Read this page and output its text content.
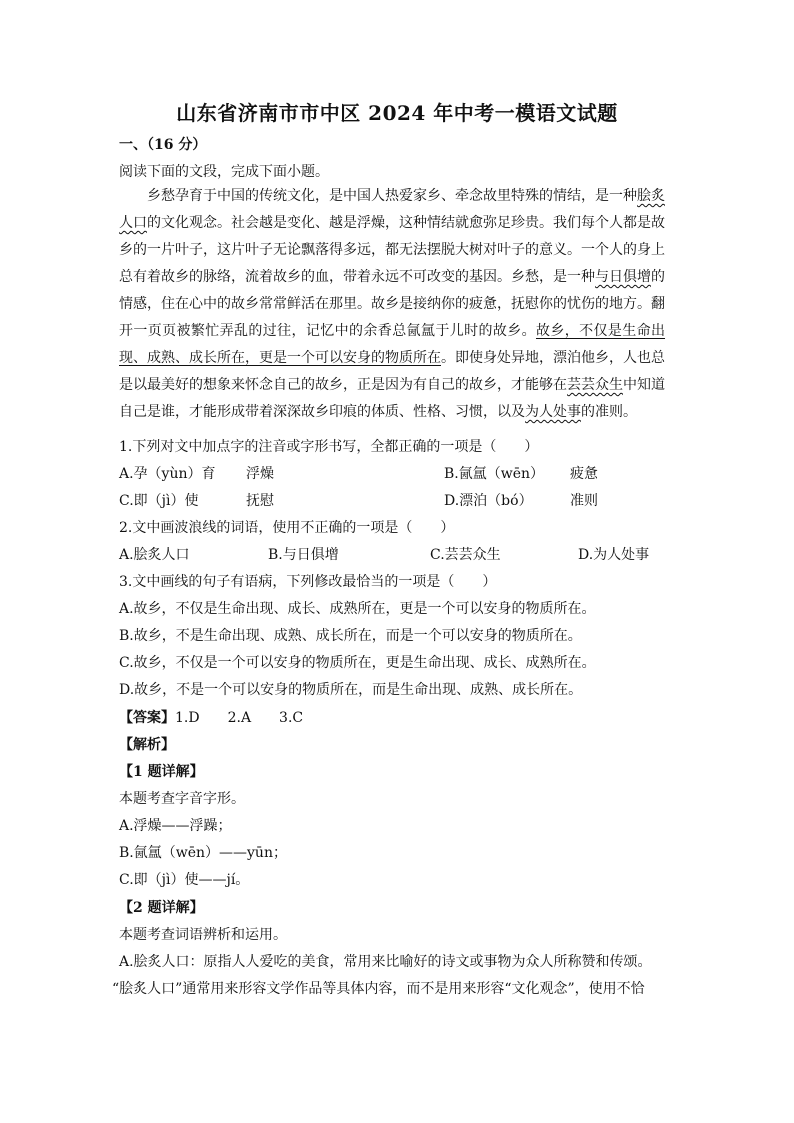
山东省济南市市中区 2024 年中考一模语文试题
一、（16 分）
阅读下面的文段，完成下面小题。
乡愁孕育于中国的传统文化，是中国人热爱家乡、牵念故里特殊的情结，是一种脍炙人口的文化观念。社会越是变化、越是浮燥，这种情结就愈弥足珍贵。我们每个人都是故乡的一片叶子，这片叶子无论飘落得多远，都无法摆脱大树对叶子的意义。一个人的身上总有着故乡的脉络，流着故乡的血，带着永远不可改变的基因。乡愁，是一种与日俱增的情感，住在心中的故乡常常鲜活在那里。故乡是接纳你的疲惫，抚慰你的忧伤的地方。翻开一页页被繁忙弄乱的过往，记忆中的余香总氤氲于儿时的故乡。故乡，不仅是生命出现、成熟、成长所在，更是一个可以安身的物质所在。即使身处异地，漂泊他乡，人也总是以最美好的想象来怀念自己的故乡，正是因为有自己的故乡，才能够在芸芸众生中知道自己是谁，才能形成带着深深故乡印痕的体质、性格、习惯，以及为人处事的准则。
1.下列对文中加点字的注音或字形书写，全都正确的一项是（　　）
A.孕（yùn）育 浮燥	B.氤氲（wēn） 疲惫
C.即（jì）使	抚慰	D.漂泊（bó）	准则
2.文中画波浪线的词语，使用不正确的一项是（　　）
A.脍炙人口	B.与日俱增	C.芸芸众生	D.为人处事
3.文中画线的句子有语病，下列修改最恰当的一项是（　　）
A.故乡，不仅是生命出现、成长、成熟所在，更是一个可以安身的物质所在。
B.故乡，不是生命出现、成熟、成长所在，而是一个可以安身的物质所在。
C.故乡，不仅是一个可以安身的物质所在，更是生命出现、成长、成熟所在。
D.故乡，不是一个可以安身的物质所在，而是生命出现、成熟、成长所在。
【答案】1.D　　2.A　　3.C
【解析】
【1 题详解】
本题考查字音字形。
A.浮燥——浮躁；
B.氤氲（wēn）——yūn；
C.即（jì）使——jí。
【2 题详解】
本题考查词语辨析和运用。
A.脍炙人口：原指人人爱吃的美食，常用来比喻好的诗文或事物为众人所称赞和传颂。
“脍炙人口”通常用来形容文学作品等具体内容，而不是用来形容“文化观念”，使用不恰
